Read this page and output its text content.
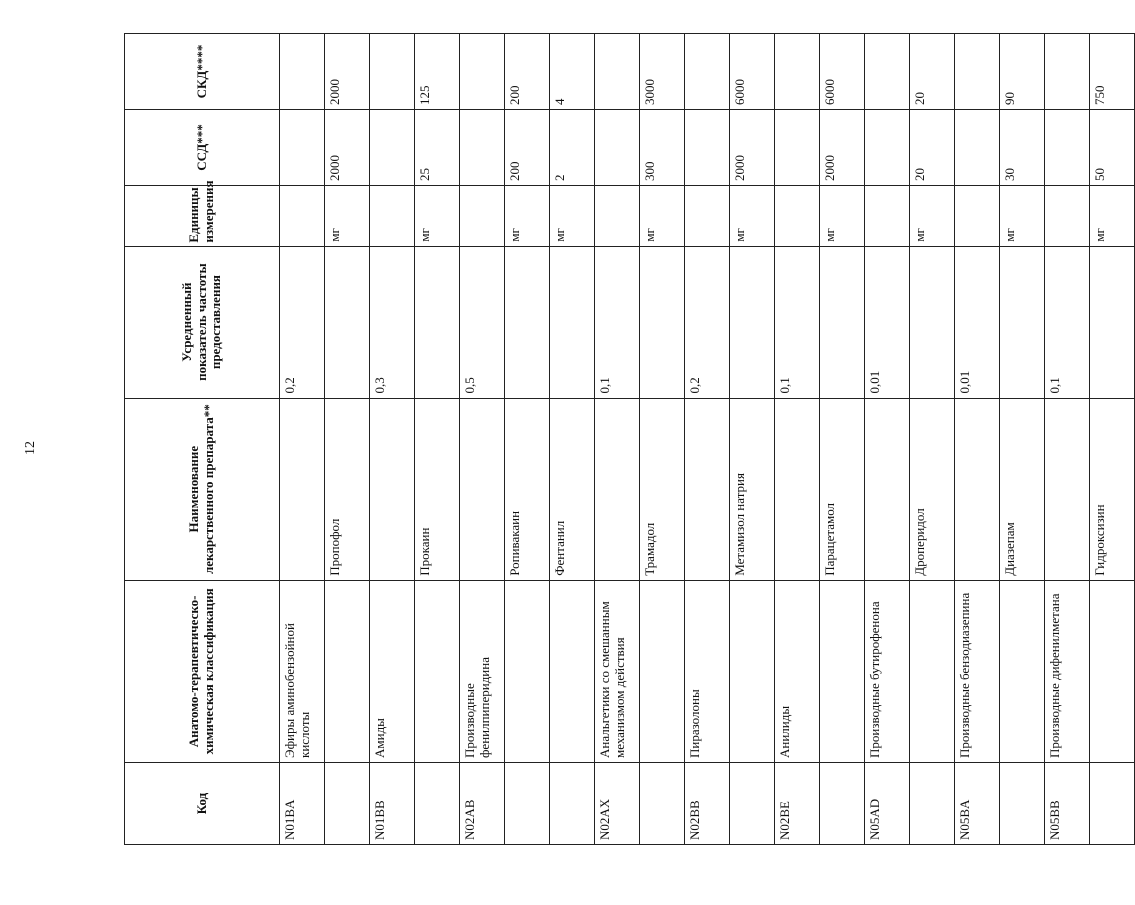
12
Код	Анатомо-терапевтическо-химическая классификация	Наименование лекарственного препарата**	Усредненный показатель частоты предоставления	Единицы измерения	ССД***	СКД****
N01BA	Эфиры аминобензойной кислоты		0,2			
		Пропофол		мг	2000	2000
N01BB	Амиды		0,3			
		Прокаин		мг	25	125
N02AB	Производные фенилпиперидина		0,5			
		Ропивакаин		мг	200	200
		Фентанил		мг	2	4
N02AX	Анальгетики со смешанным механизмом действия		0,1			
		Трамадол		мг	300	3000
N02BB	Пиразолоны		0,2			
		Метамизол натрия		мг	2000	6000
N02BE	Анилиды		0,1			
		Парацетамол		мг	2000	6000
N05AD	Производные бутирофенона		0,01			
		Дроперидол		мг	20	20
N05BA	Производные бензодиазепина		0,01			
		Диазепам		мг	30	90
N05BB	Производные дифенилметана		0,1			
		Гидроксизин		мг	50	750
